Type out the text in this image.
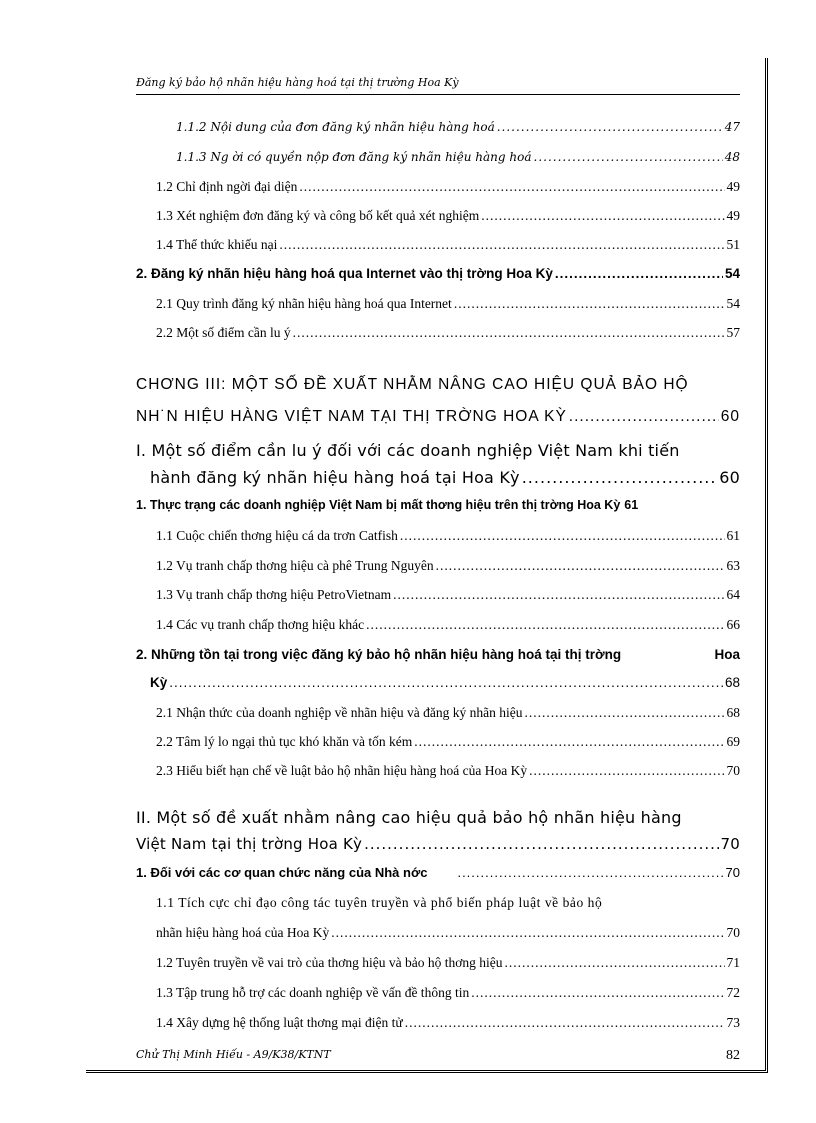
Đăng ký bảo hộ nhãn hiệu hàng hoá tại thị trường Hoa Kỳ
1.1.2 Nội dung của đơn đăng ký nhãn hiệu hàng hoá .....	47
1.1.3 Ng ời có quyền nộp đơn đăng ký nhãn hiệu hàng hoá .....	48
1.2 Chỉ định ngời đại diện .....	49
1.3 Xét nghiệm đơn đăng ký và công bố kết quả xét nghiệm .....	49
1.4 Thể thức khiếu nại .....	51
2. Đăng ký nhãn hiệu hàng hoá qua Internet vào thị trờng Hoa Kỳ .....	54
2.1 Quy trình đăng ký nhãn hiệu hàng hoá qua Internet .....	54
2.2 Một số điểm cần lu ý .....	57
CHƠNG III: MỘT SỐ ĐỀ XUẤT NHẰM NÂNG CAO HIỆU QUẢ BẢO HỘ
NH˙N HIỆU HÀNG VIỆT NAM TẠI THỊ TRỜNG HOA KỲ .....	60
I. Một số điểm cần lu ý đối với các doanh nghiệp Việt Nam khi tiến
hành đăng ký nhãn hiệu hàng hoá tại Hoa Kỳ .....	60
1. Thực trạng các doanh nghiệp Việt Nam bị mất thơng hiệu trên thị trờng Hoa Kỳ 61
1.1 Cuộc chiến thơng hiệu cá da trơn Catfish .....	61
1.2 Vụ tranh chấp thơng hiệu cà phê Trung Nguyên .....	63
1.3 Vụ tranh chấp thơng hiệu PetroVietnam .....	64
1.4 Các vụ tranh chấp thơng hiệu khác .....	66
2. Những tồn tại trong việc đăng ký bảo hộ nhãn hiệu hàng hoá tại thị trờng	Hoa
Kỳ .....	68
2.1 Nhận thức của doanh nghiệp về nhãn hiệu và đăng ký nhãn hiệu .....	68
2.2 Tâm lý lo ngại thủ tục khó khăn và tốn kém .....	69
2.3 Hiểu biết hạn chế về luật bảo hộ nhãn hiệu hàng hoá của Hoa Kỳ .....	70
II. Một số đề xuất nhằm nâng cao hiệu quả bảo hộ nhãn hiệu hàng
Việt Nam tại thị trờng Hoa Kỳ .....	70
1. Đối với các cơ quan chức năng của Nhà nớc .....	70
1.1 Tích cực chỉ đạo công tác tuyên truyền và phổ biến pháp luật về bảo hộ
nhãn hiệu hàng hoá của Hoa Kỳ .....	70
1.2 Tuyên truyền về vai trò của thơng hiệu và bảo hộ thơng hiệu .....	71
1.3 Tập trung hỗ trợ các doanh nghiệp về vấn đề thông tin .....	72
1.4 Xây dựng hệ thống luật thơng mại điện tử .....	73
Chử Thị Minh Hiếu - A9/K38/KTNT	82
